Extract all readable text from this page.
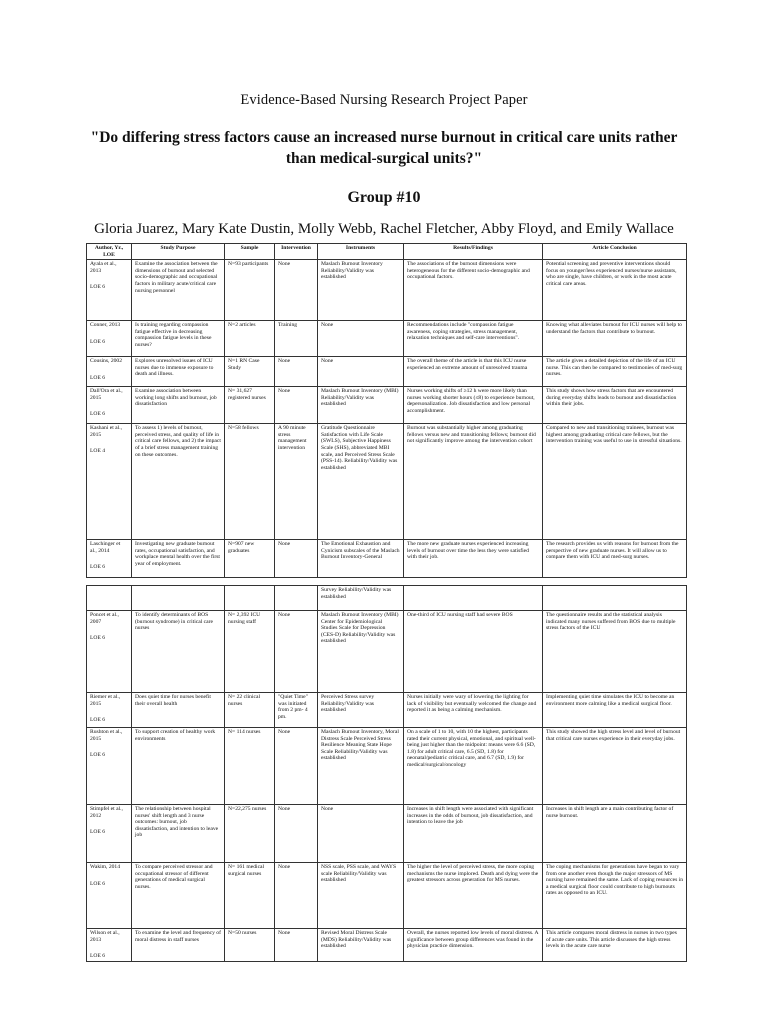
Evidence-Based Nursing Research Project Paper
"Do differing stress factors cause an increased nurse burnout in critical care units rather than medical-surgical units?"
Group #10
Gloria Juarez, Mary Kate Dustin, Molly Webb, Rachel Fletcher, Abby Floyd, and Emily Wallace
Author, Yr., LOE	Study Purpose	Sample	Intervention	Instruments	Results/Findings	Article Conclusion
Ayala et al., 2013
LOE 6	Examine the association between the dimensions of burnout and selected socio-demographic and occupational factors in military acute/critical care nursing personnel	N=93 participants	None	Maslach Burnout Inventory Reliability/Validity was established	The associations of the burnout dimensions were heterogeneous for the different socio-demographic and occupational factors.	Potential screening and preventive interventions should focus on younger/less experienced nurses/nurse assistants, who are single, have children, or work in the most acute critical care areas.
Conner, 2013
LOE 6	Is training regarding compassion fatigue effective in decreasing compassion fatigue levels in these nurses?	N=2 articles	Training	None	Recommendations include "compassion fatigue awareness, coping strategies, stress management, relaxation techniques and self-care interventions".	Knowing what alleviates burnout for ICU nurses will help to understand the factors that contribute to burnout.
Cousins, 2002
LOE 6	Explores unresolved issues of ICU nurses due to immense exposure to death and illness.	N=1 RN Case Study	None	None	The overall theme of the article is that this ICU nurse experienced an extreme amount of unresolved trauma	The article gives a detailed depiction of the life of an ICU nurse. This can then be compared to testimonies of med-surg nurses.
Dall'Ora et al., 2015
LOE 6	Examine association between working long shifts and burnout, job dissatisfaction	N= 31,627 registered nurses	None	Maslach Burnout Inventory (MBI) Reliability/Validity was established	Nurses working shifts of ≥12 h were more likely than nurses working shorter hours (≤8) to experience burnout, depersonalization. Job dissatisfaction and low personal accomplishment.	This study shows how stress factors that are encountered during everyday shifts leads to burnout and dissatisfaction within their jobs.
Kashani et al., 2015
LOE 4	To assess 1) levels of burnout, perceived stress, and quality of life in critical care fellows, and 2) the impact of a brief stress management training on these outcomes.	N=58 fellows	A 90 minute stress management intervention	Gratitude Questionnaire Satisfaction with Life Scale (SWLS), Subjective Happiness Scale (SHS), abbreviated MBI scale, and Perceived Stress Scale (PSS-14). Reliability/Validity was established	Burnout was substantially higher among graduating fellows versus new and transitioning fellows; burnout did not significantly improve among the intervention cohort	Compared to new and transitioning trainees, burnout was highest among graduating critical care fellows, but the intervention training was useful to use in stressful situations.
Laschinger et al., 2014
LOE 6	Investigating new graduate burnout rates, occupational satisfaction, and workplace mental health over the first year of employment.	N=907 new graduates	None	The Emotional Exhaustion and Cynicism subscales of the Maslach Burnout Inventory-General	The more new graduate nurses experienced increasing levels of burnout over time the less they were satisfied with their job.	The research provides us with reasons for burnout from the perspective of new graduate nurses. It will allow us to compare them with ICU and med-surg nurses.
				Survey Reliability/Validity was established		
Poncet et al., 2007
LOE 6	To identify determinants of BOS (burnout syndrome) in critical care nurses	N= 2,392 ICU nursing staff	None	Maslach Burnout Inventory (MBI) Center for Epidemiological Studies Scale for Depression (CES-D) Reliability/Validity was established	One-third of ICU nursing staff had severe BOS	The questionnaire results and the statistical analysis indicated many nurses suffered from BOS due to multiple stress factors of the ICU
Riemer et al., 2015
LOE 6	Does quiet time for nurses benefit their overall health	N= 22 clinical nurses	"Quiet Time" was initiated from 2 pm- 4 pm.	Perceived Stress survey Reliability/Validity was established	Nurses initially were wary of lowering the lighting for lack of visibility but eventually welcomed the change and reported it as being a calming mechanism.	Implementing quiet time simulates the ICU to become an environment more calming like a medical surgical floor.
Rushton et al., 2015
LOE 6	To support creation of healthy work environments	N= 114 nurses	None	Maslach Burnout Inventory, Moral Distress Scale Perceived Stress Resilience Meaning State Hope Scale Reliability/Validity was established	On a scale of 1 to 10, with 10 the highest, participants rated their current physical, emotional, and spiritual well-being just higher than the midpoint: means were 6.6 (SD, 1.8) for adult critical care, 6.5 (SD, 1.8) for neonatal/pediatric critical care, and 6.7 (SD, 1.9) for medical/surgical/oncology	This study showed the high stress level and level of burnout that critical care nurses experience in their everyday jobs.
Stimpfel et al., 2012
LOE 6	The relationship between hospital nurses' shift length and 3 nurse outcomes: burnout, job dissatisfaction, and intention to leave job	N=22,275 nurses	None	None	Increases in shift length were associated with significant increases in the odds of burnout, job dissatisfaction, and intention to leave the job	Increases in shift length are a main contributing factor of nurse burnout.
Wakim, 2014
LOE 6	To compare perceived stressor and occupational stressor of different generations of medical surgical nurses.	N= 161 medical surgical nurses	None	NSS scale, PSS scale, and WAYS scale Reliability/Validity was established	The higher the level of perceived stress, the more coping mechanisms the nurse implored. Death and dying were the greatest stressors across generation for MS nurses.	The coping mechanisms for generations have began to vary from one another even though the major stressors of MS nursing have remained the same. Lack of coping resources in a medical surgical floor could contribute to high burnouts rates as opposed to an ICU.
Wilson et al., 2013
LOE 6	To examine the level and frequency of moral distress in staff nurses	N=50 nurses	None	Revised Moral Distress Scale (MDS) Reliability/Validity was established	Overall, the nurses reported low levels of moral distress. A significance between group differences was found in the physician practice dimension.	This article compares moral distress in nurses in two types of acute care units. This article discusses the high stress levels in the acute care nurse
